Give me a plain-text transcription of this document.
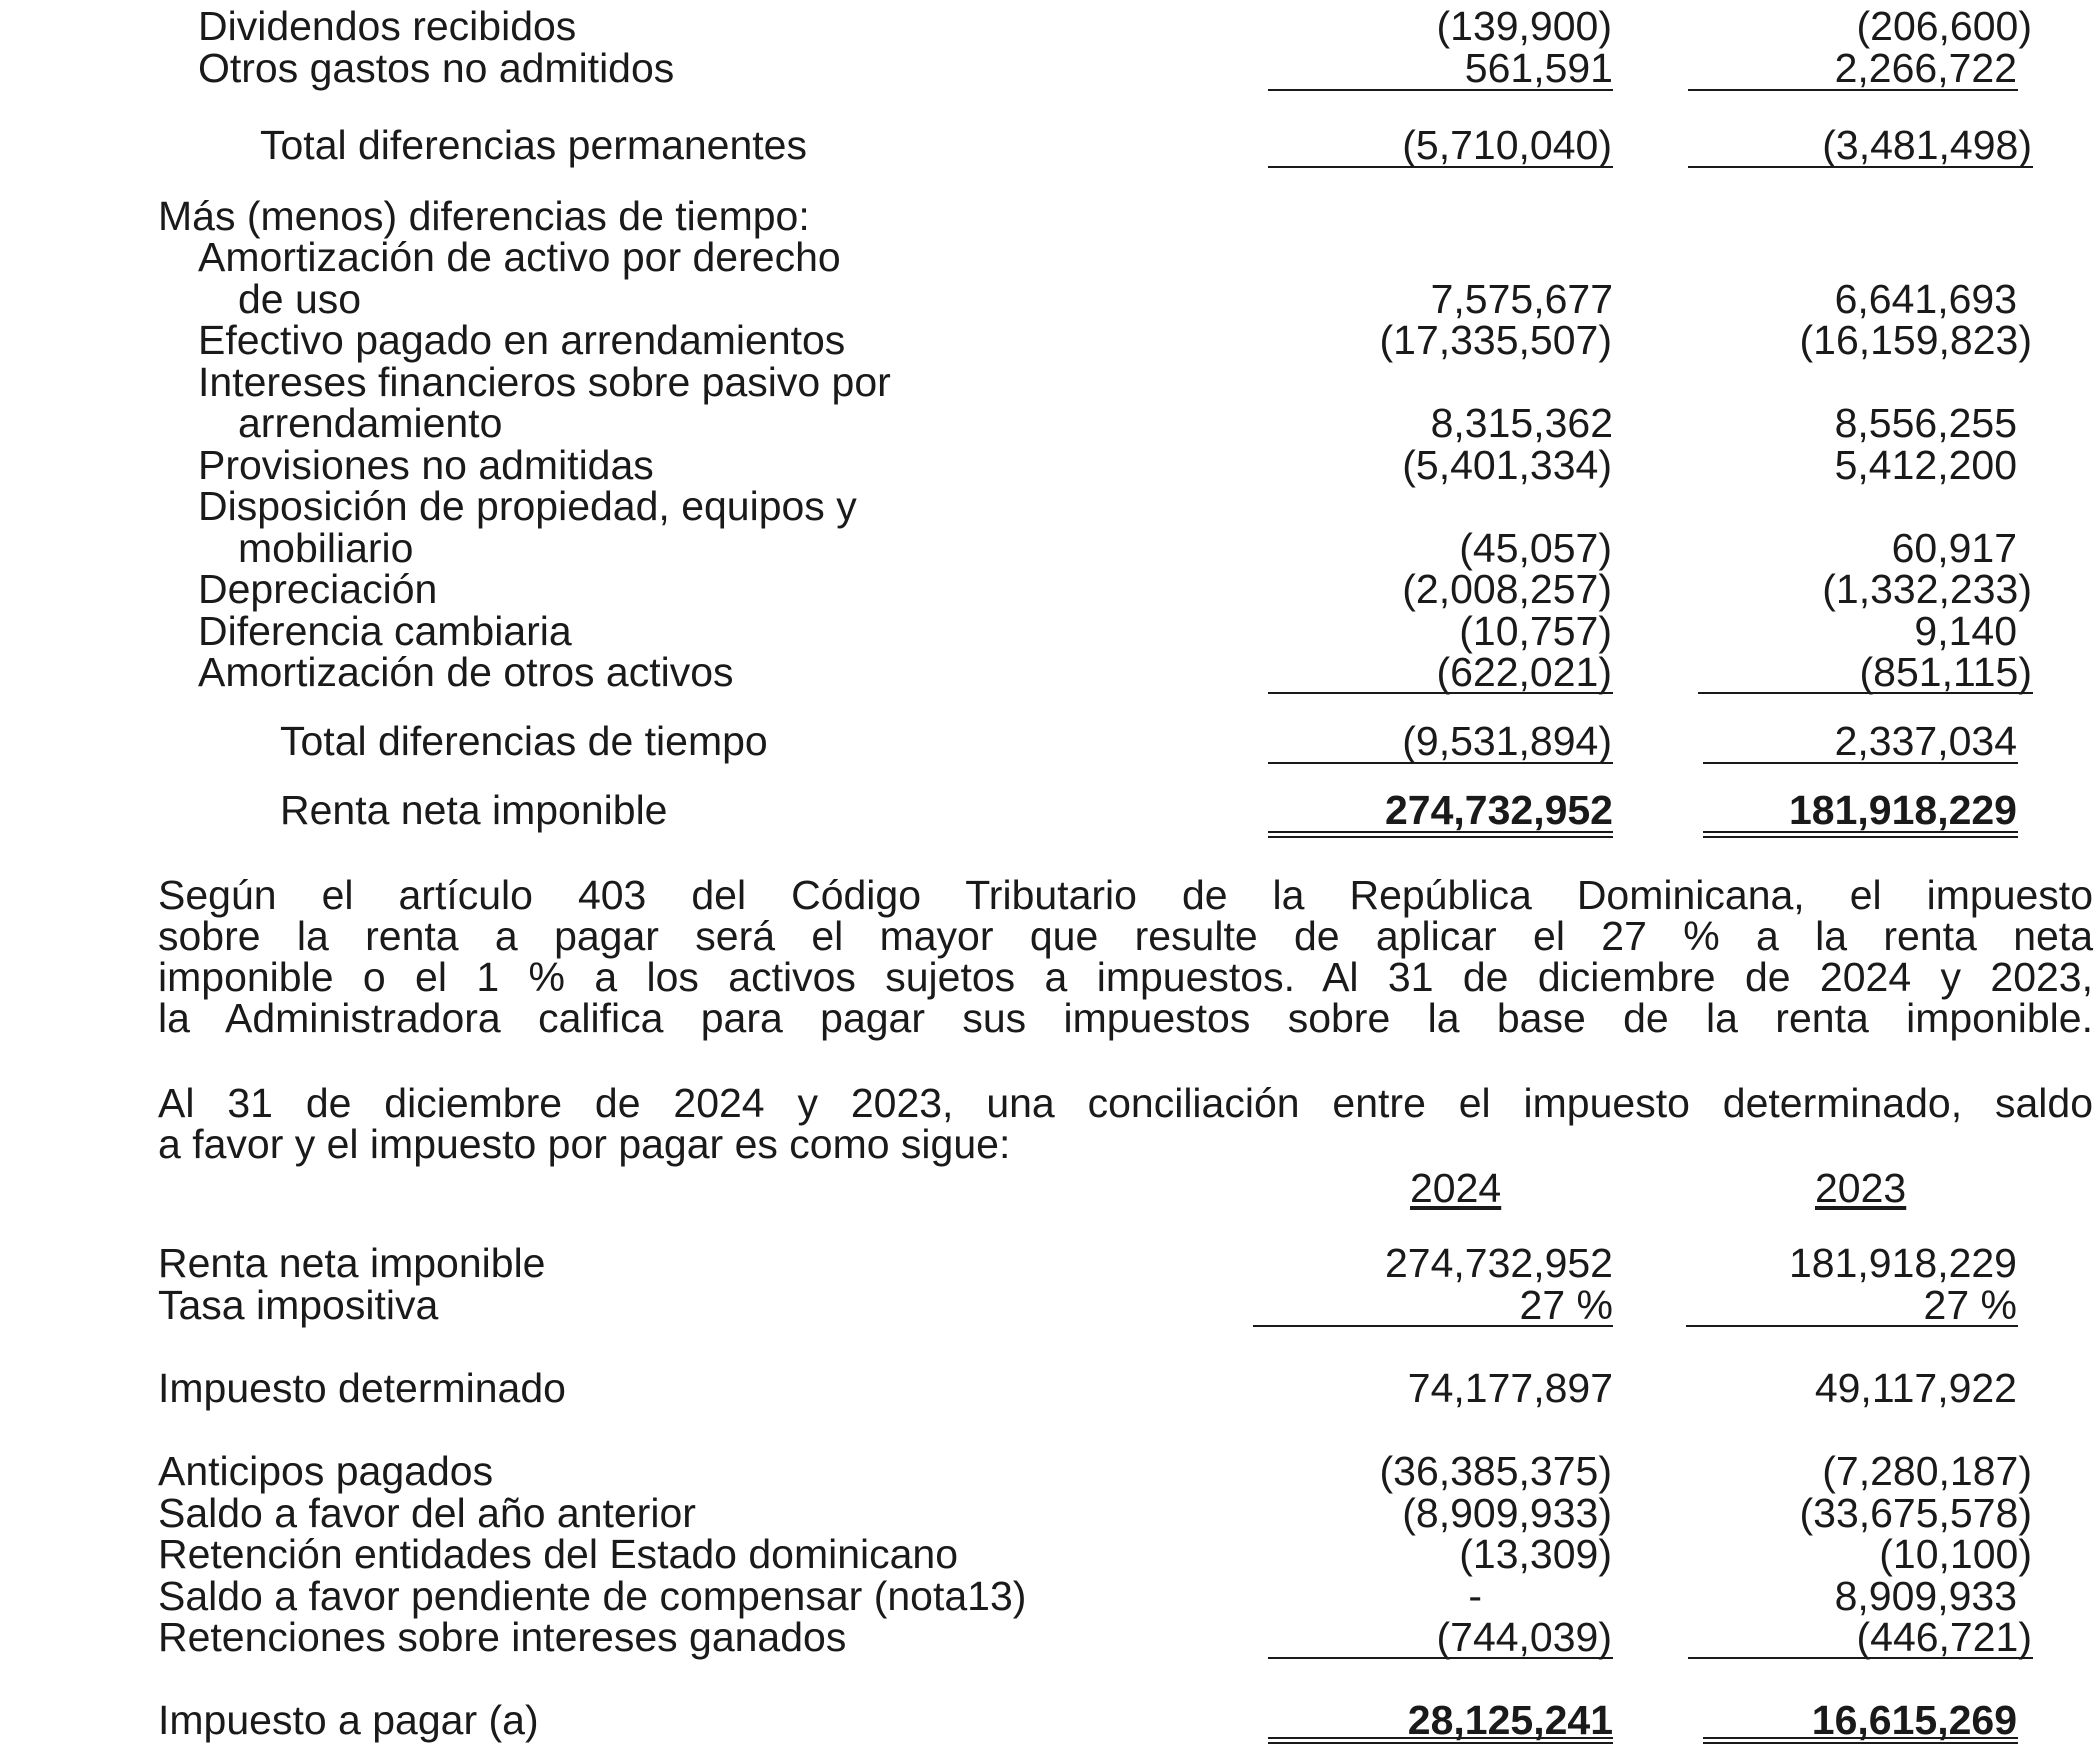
Dividendos recibidos	(139,900)	(206,600)
Otros gastos no admitidos	561,591	2,266,722
Total diferencias permanentes	(5,710,040)	(3,481,498)
Más (menos) diferencias de tiempo:
Amortización de activo por derecho
de uso	7,575,677	6,641,693
Efectivo pagado en arrendamientos	(17,335,507)	(16,159,823)
Intereses financieros sobre pasivo por
arrendamiento	8,315,362	8,556,255
Provisiones no admitidas	(5,401,334)	5,412,200
Disposición de propiedad, equipos y
mobiliario	(45,057)	60,917
Depreciación	(2,008,257)	(1,332,233)
Diferencia cambiaria	(10,757)	9,140
Amortización de otros activos	(622,021)	(851,115)
Total diferencias de tiempo	(9,531,894)	2,337,034
Renta neta imponible	274,732,952	181,918,229
Según el artículo 403 del Código Tributario de la República Dominicana, el impuesto
sobre la renta a pagar será el mayor que resulte de aplicar el 27 % a la renta neta
imponible o el 1 % a los activos sujetos a impuestos. Al 31 de diciembre de 2024 y 2023,
la Administradora califica para pagar sus impuestos sobre la base de la renta imponible.
Al 31 de diciembre de 2024 y 2023, una conciliación entre el impuesto determinado, saldo
a favor y el impuesto por pagar es como sigue:
2024	2023
Renta neta imponible	274,732,952	181,918,229
Tasa impositiva	27 %	27 %
Impuesto determinado	74,177,897	49,117,922
Anticipos pagados	(36,385,375)	(7,280,187)
Saldo a favor del año anterior	(8,909,933)	(33,675,578)
Retención entidades del Estado dominicano	(13,309)	(10,100)
Saldo a favor pendiente de compensar (nota13)	-	8,909,933
Retenciones sobre intereses ganados	(744,039)	(446,721)
Impuesto a pagar (a)	28,125,241	16,615,269
